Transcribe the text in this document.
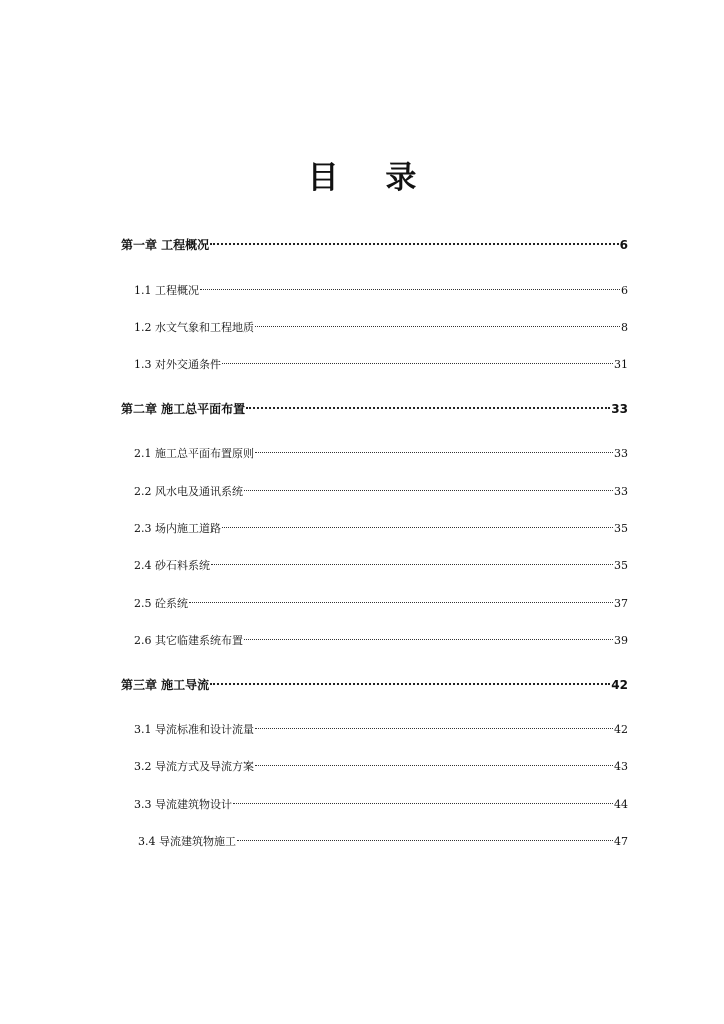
目 录
第一章 工程概况	6
1.1 工程概况	6
1.2 水文气象和工程地质	8
1.3 对外交通条件	31
第二章 施工总平面布置	33
2.1 施工总平面布置原则	33
2.2 风水电及通讯系统	33
2.3 场内施工道路	35
2.4 砂石料系统	35
2.5 砼系统	37
2.6 其它临建系统布置	39
第三章 施工导流	42
3.1 导流标准和设计流量	42
3.2 导流方式及导流方案	43
3.3 导流建筑物设计	44
3.4 导流建筑物施工	47
